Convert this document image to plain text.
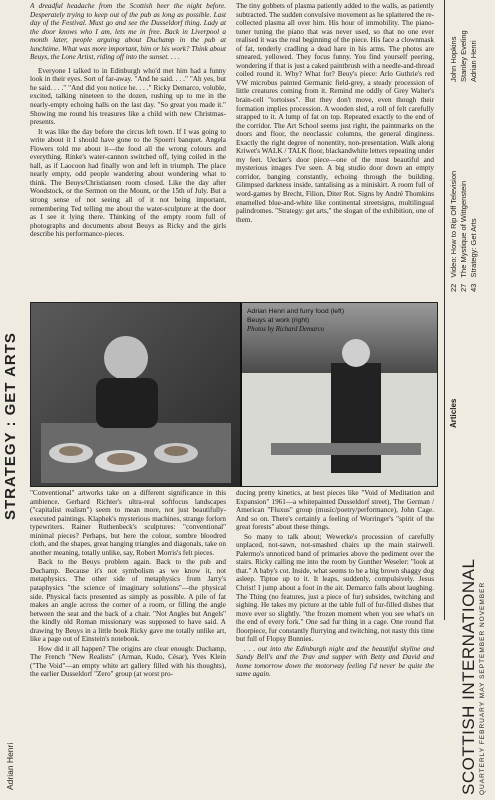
A dreadful headache from the Scottish beer the night before. Desperately trying to keep out of the pub as long as possible. Last day of the Festival. Must go and see the Dusseldorf thing. Lady at the door knows who I am, lets me in free. Back in Liverpool a month later, people arguing about Duchamp in the pub at lunchtime. What was more important, him or his work? Think about Beuys, the Lone Artist, riding off into the sunset. . . .

Everyone I talked to in Edinburgh who'd met him had a funny look in their eyes. Sort of far-away. "And he said. . . ." "Ah yes, but he said. . . ." "And did you notice he. . . ." Ricky Demarco, voluble, excited, talking nineteen to the dozen, rushing up to me in the nearly-empty echoing halls on the last day. "So great you made it." Showing me round his treasures like a child with new Christmas-presents.

It was like the day before the circus left town. If I was going to write about it I should have gone to the Spoerri banquet. Angela Flowers told me about it—the food all the wrong colours and everything. Rinke's water-cannon switched off, lying coiled in the hall, as if Laocoon had finally won and left in triumph. The place nearly empty, odd people wandering about wondering what to think. The Beuys/Christiansen room closed. Like the day after Woodstock, or the Sermon on the Mount, or the 15th of July. But a strong sense of not seeing all of it not being important, remembering Ted telling me about the water-sculpture at the door as I see it lying there. Thinking of the empty room full of photographs and documents about Beuys as Ricky and the girls describe his performance-pieces.

The tiny gobbets of plasma patiently added to the walls, as patiently subtracted. The sudden convulsive movement as he splattered the re-collected plasma all over him. His hour of immobility. The piano-tuner tuning the piano that was never used, so that no one ever realised it was the real beginning of the piece. His face a clownmask of fat, tenderly cradling a dead hare in his arms. The photos are smeared, yellowed. They focus funny. You find yourself peering, wondering if that is just a caked paintbrush with a needle-and-thread coiled round it. Why? What for? Beuy's piece: Arlo Guthrie's red VW microbus painted Germanic field-grey, a steady procession of little creatures coming from it. Remind me oddly of Grey Walter's brain-cell "tortoises". But they don't move, even though their formation implies procession. A wooden sled, a roll of felt carefully strapped to it. A lump of fat on top. Repeated exactly to the end of the corridor. The Art School seems just right, the paintmarks on the doors and floor, the neoclassic columns, the general dinginess. Exactly the right degree of nonentity, non-presentation. Walk along Kriwet's WALK / TALK floor, blackandwhite letters repeating under my feet. Uecker's door piece—one of the most beautiful and mysterious images I've seen. A big studio door down an empty corridor, banging constantly, echoing through the building. Glimpsed darkness inside, tantalising as a miniskirt. A room full of word-games by Brecht, Filion, Diter Rot. Signs by André Thomkins enamelled blue-and-white like continental streetsigns, multilingual palindromes. "Strategy: get arts," the slogan of the exhibition, one of them.

Adrian Henri and furry food (left)
Beuys at work (right)
Photos by Richard Demarco

"Conventional" artworks take on a different significance in this ambience. Gerhard Richter's ultra-real softfocus landscapes ("capitalist realism") seem to mean more, not just beautifully-executed paintings. Klaphek's mysterious machines, strange forlorn typewriters. Rainer Ruthenbeck's sculptures: "conventional" minimal pieces? Perhaps, but here the colour, sombre bloodred cloth, and the shapes, great hanging triangles and diagonals, take on another meaning, totally unlike, say, Robert Morris's felt pieces.

Back to the Beuys problem again. Back to the pub and Duchamp. Because it's not symbolism as we know it, not metaphysics. The other side of metaphysics from Jarry's pataphysics "the science of imaginary solutions"—the physical side. Physical facts presented as simply as possible. A pile of fat makes an angle across the corner of a room, or filling the angle between the seat and the back of a chair. "Not Angles but Angels" the kindly old Roman missionary was supposed to have said. A drawing by Beuys in a little book Ricky gave me totally unlike art, like a page out of Einstein's notebook.

How did it all happen? The origins are clear enough: Duchamp, The French "New Realists" (Arman, Kudo, César), Yves Klein ("The Void"—an empty white art gallery filled with his thoughts), the earlier Dusseldorf "Zero" group (at worst pro-

ducing pretty kinetics, at best pieces like "Void of Meditation and Expansion" 1961—a whitepainted Dusseldorf street), The German / American "Fluxus" group (music/poetry/performance), John Cage. And so on. There's certainly a feeling of Worringer's "spirit of the great forests" about these things.

So many to talk about; Wewerke's procession of carefully unplaced, not-sawn, not-smashed chairs up the main stairwell. Palermo's unnoticed band of primaries above the pediment over the stairs. Ricky calling me into the room by Gunther Weseler: "look at that." A baby's cot. Inside, what seems to be a big brown shaggy dog asleep. Tiptoe up to it. It leaps, suddenly, compulsively. Jesus Christ! I jump about a foot in the air. Demarco falls about laughing. The Thing (no features, just a piece of fur) subsides, twitching and sighing. He takes my picture at the table full of fur-filled dishes that move ever so slightly. "the frozen moment when you see what's on the end of every fork." One sad fur thing in a cage. One round flat floorpiece, fur constantly flurrying and twitching, not nasty this time but full of Flopsy Bunnies.

. . . out into the Edinburgh night and the beautiful skyline and Sandy Bell's and the Trav and supper with Betty and David and home tomorrow down the motorway feeling I'd never be quite the same again.

STRATEGY : GET ARTS
Adrian Henri
Articles
22 Video: How to Rip Off Television
27 The Mystique of Wittgenstein
43 Strategy: Get Arts
John Hopkins Stanley Eveling Adrian Henri
SCOTTISH INTERNATIONAL QUARTERLY FEBRUARY MAY SEPTEMBER NOVEMBER
